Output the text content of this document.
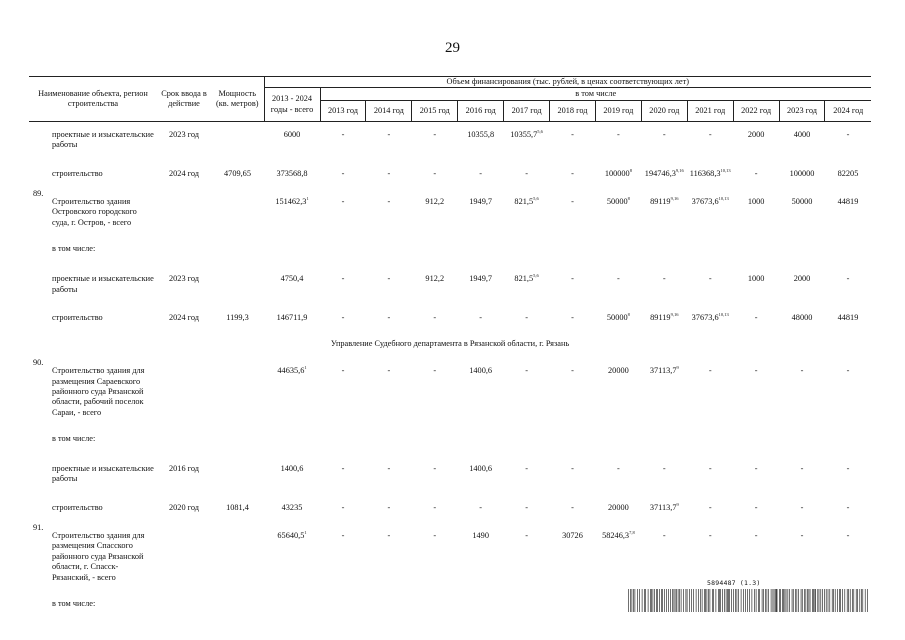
29
Наименование объекта, регион строительства		Срок ввода в действие	Мощность (кв. метров)	Объем финансирования (тыс. рублей, в ценах соответствующих лет)												
				2013 - 2024 годы - всего	в том числе											
					2013 год	2014 год	2015 год	2016 год	2017 год	2018 год	2019 год	2020 год	2021 год	2022 год	2023 год	2024 год
	проектные и изыскательские работы	2023 год		6000	-	-	-	10355,8	10355,7$^{5,6}$	-	-	-	-	2000	4000	-
	строительство	2024 год	4709,65	373568,8	-	-	-	-	-	-	100000$^8$	194746,3$^{9,16}$	116368,3$^{10,13}$	-	100000	82205
89.	Строительство здания Островского городского суда, г. Остров, - всего			151462,3$^1$	-	-	912,2	1949,7	821,5$^{5,6}$	-	50000$^8$	89119$^{9,16}$	37673,6$^{10,13}$	1000	50000	44819
	в том числе:															
	проектные и изыскательские работы	2023 год		4750,4	-	-	912,2	1949,7	821,5$^{5,6}$	-	-	-	-	1000	2000	-
	строительство	2024 год	1199,3	146711,9	-	-	-	-	-	-	50000$^8$	89119$^{9,16}$	37673,6$^{10,13}$	-	48000	44819
Управление Судебного департамента в Рязанской области, г. Рязань																
90.	Строительство здания для размещения Сараевского районного суда Рязанской области, рабочий поселок Сараи, - всего			44635,6$^1$	-	-	-	1400,6	-	-	20000	37113,7$^9$	-	-	-	-
	в том числе:															
	проектные и изыскательские работы	2016 год		1400,6	-	-	-	1400,6	-	-	-	-	-	-	-	-
	строительство	2020 год	1081,4	43235	-	-	-	-	-	-	20000	37113,7$^9$	-	-	-	-
91.	Строительство здания для размещения Спасского районного суда Рязанской области, г. Спасск-Рязанский, - всего			65640,5$^1$	-	-	-	1490	-	30726	58246,3$^{7,8}$	-	-	-	-	-
	в том числе:															
5894487 (1.3)
